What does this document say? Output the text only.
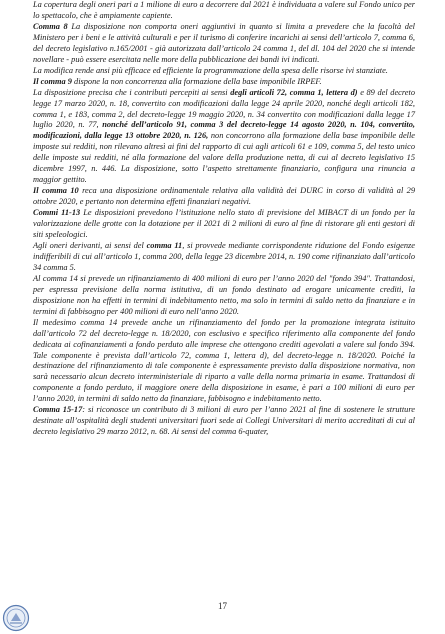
La copertura degli oneri pari a 1 milione di euro a decorrere dal 2021 è individuata a valere sul Fondo unico per lo spettacolo, che è ampiamente capiente.

Comma 8 La disposizione non comporta oneri aggiuntivi in quanto si limita a prevedere che la facoltà del Ministero per i beni e le attività culturali e per il turismo di conferire incarichi ai sensi dell’articolo 7, comma 6, del decreto legislativo n.165/2001 - già autorizzata dall’articolo 24 comma 1, del dl. 104 del 2020 che si intende novellare - può essere esercitata nelle more della pubblicazione dei bandi ivi indicati.

La modifica rende ansi più efficace ed efficiente la programmazione della spesa delle risorse ivi stanziate.

Il comma 9 dispone la non concorrenza alla formazione della base imponibile IRPEF.

La disposizione precisa che i contributi percepiti ai sensi degli articoli 72, comma 1, lettera d) e 89 del decreto legge 17 marzo 2020, n. 18, convertito con modificazioni dalla legge 24 aprile 2020, nonché degli articoli 182, comma 1, e 183, comma 2, del decreto-legge 19 maggio 2020, n. 34 convertito con modificazioni dalla legge 17 luglio 2020, n. 77, nonché dell’articolo 91, comma 3 del decreto-legge 14 agosto 2020, n. 104, convertito, modificazioni, dalla legge 13 ottobre 2020, n. 126, non concorrono alla formazione della base imponibile delle imposte sui redditi, non rilevano altresì ai fini del rapporto di cui agli articoli 61 e 109, comma 5, del testo unico delle imposte sui redditi, né alla formazione del valore della produzione netta, di cui al decreto legislativo 15 dicembre 1997, n. 446. La disposizione, sotto l’aspetto strettamente finanziario, configura una rinuncia a maggior gettito.

Il comma 10 reca una disposizione ordinamentale relativa alla validità dei DURC in corso di validità al 29 ottobre 2020, e pertanto non determina effetti finanziari negativi.

Commi 11-13 Le disposizioni prevedono l’istituzione nello stato di previsione del MIBACT di un fondo per la valorizzazione delle grotte con la dotazione per il 2021 di 2 milioni di euro al fine di ristorare gli enti gestori di siti speleologici.

Agli oneri derivanti, ai sensi del comma 11, si provvede mediante corrispondente riduzione del Fondo esigenze indifferibili di cui all’articolo 1, comma 200, della legge 23 dicembre 2014, n. 190 come rifinanziato dall’articolo 34 comma 5.

Al comma 14 si prevede un rifinanziamento di 400 milioni di euro per l’anno 2020 del "fondo 394". Trattandosi, per espressa previsione della norma istitutiva, di un fondo destinato ad erogare unicamente crediti, la disposizione non ha effetti in termini di indebitamento netto, ma solo in termini di saldo netto da finanziare e in termini di fabbisogno per 400 milioni di euro nell’anno 2020.

Il medesimo comma 14 prevede anche un rifinanziamento del fondo per la promozione integrata istituito dall’articolo 72 del decreto-legge n. 18/2020, con esclusivo e specifico riferimento alla componente del fondo dedicata ai cofinanziamenti a fondo perduto alle imprese che ottengono crediti agevolati a valere sul fondo 394. Tale componente è prevista dall’articolo 72, comma 1, lettera d), del decreto-legge n. 18/2020. Poiché la destinazione del rifinanziamento di tale componente è espressamente previsto dalla disposizione normativa, non sarà necessario alcun decreto interministeriale di riparto a valle della norma primaria in esame. Trattandosi di componente a fondo perduto, il maggiore onere della disposizione in esame, è pari a 100 milioni di euro per l’anno 2020, in termini di saldo netto da finanziare, fabbisogno e indebitamento netto.

Comma 15-17: si riconosce un contributo di 3 milioni di euro per l’anno 2021 al fine di sostenere le strutture destinate all’ospitalità degli studenti universitari fuori sede ai Collegi Universitari di merito accreditati di cui al decreto legislativo 29 marzo 2012, n. 68. Ai sensi del comma 6-quater,

17
